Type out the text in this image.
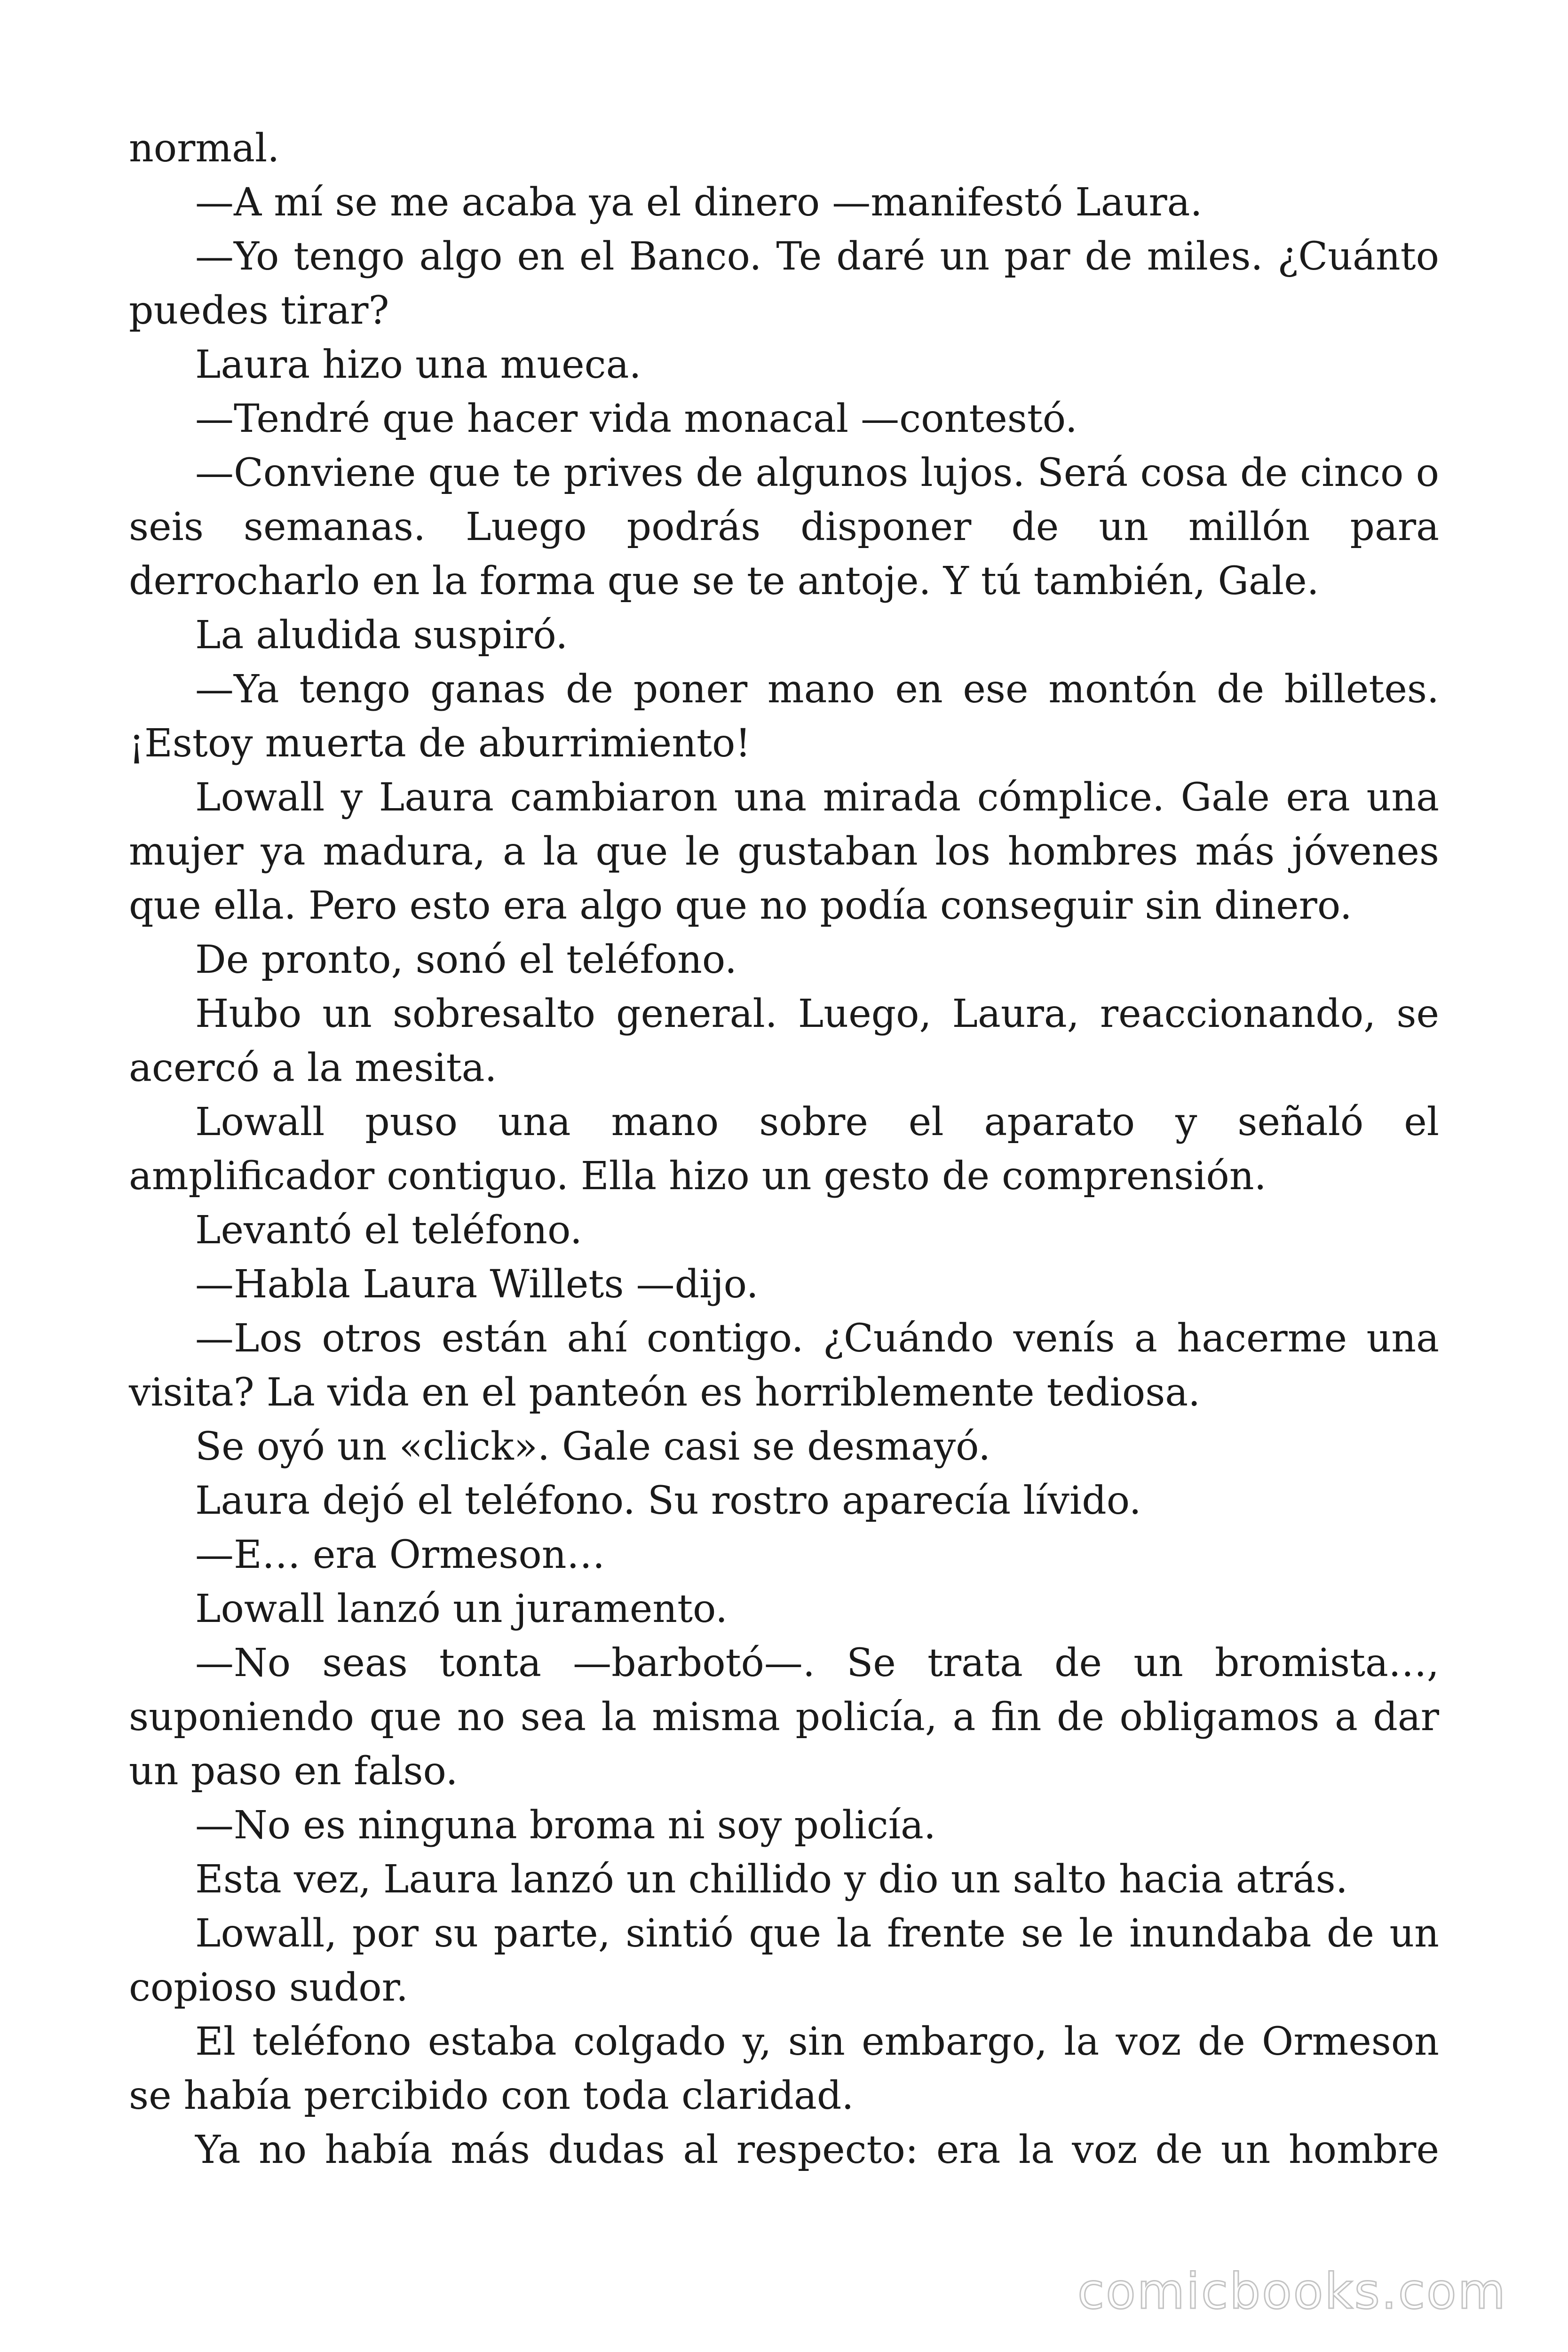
normal.

—A mí se me acaba ya el dinero —manifestó Laura.

—Yo tengo algo en el Banco. Te daré un par de miles. ¿Cuánto puedes tirar?

Laura hizo una mueca.

—Tendré que hacer vida monacal —contestó.

—Conviene que te prives de algunos lujos. Será cosa de cinco o seis semanas. Luego podrás disponer de un millón para derrocharlo en la forma que se te antoje. Y tú también, Gale.

La aludida suspiró.

—Ya tengo ganas de poner mano en ese montón de billetes. ¡Estoy muerta de aburrimiento!

Lowall y Laura cambiaron una mirada cómplice. Gale era una mujer ya madura, a la que le gustaban los hombres más jóvenes que ella. Pero esto era algo que no podía conseguir sin dinero.

De pronto, sonó el teléfono.

Hubo un sobresalto general. Luego, Laura, reaccionando, se acercó a la mesita.

Lowall puso una mano sobre el aparato y señaló el amplificador contiguo. Ella hizo un gesto de comprensión.

Levantó el teléfono.

—Habla Laura Willets —dijo.

—Los otros están ahí contigo. ¿Cuándo venís a hacerme una visita? La vida en el panteón es horriblemente tediosa.

Se oyó un «click». Gale casi se desmayó.

Laura dejó el teléfono. Su rostro aparecía lívido.

—E… era Ormeson…

Lowall lanzó un juramento.

—No seas tonta —barbotó—. Se trata de un bromista…, suponiendo que no sea la misma policía, a fin de obligamos a dar un paso en falso.

—No es ninguna broma ni soy policía.

Esta vez, Laura lanzó un chillido y dio un salto hacia atrás.

Lowall, por su parte, sintió que la frente se le inundaba de un copioso sudor.

El teléfono estaba colgado y, sin embargo, la voz de Ormeson se había percibido con toda claridad.

Ya no había más dudas al respecto: era la voz de un hombre

comicbooks.com
